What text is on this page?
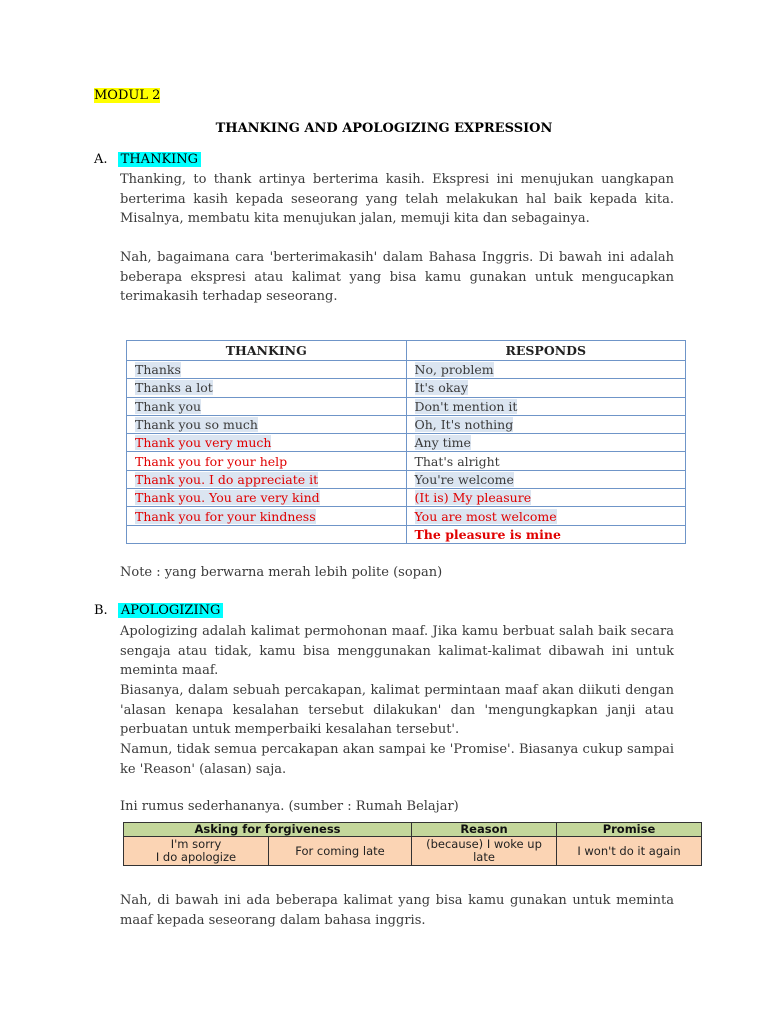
MODUL 2
THANKING AND APOLOGIZING EXPRESSION
A. THANKING

Thanking, to thank artinya berterima kasih. Ekspresi ini menujukan uangkapan berterima kasih kepada seseorang yang telah melakukan hal baik kepada kita. Misalnya, membatu kita menujukan jalan, memuji kita dan sebagainya.

Nah, bagaimana cara 'berterimakasih' dalam Bahasa Inggris. Di bawah ini adalah beberapa ekspresi atau kalimat yang bisa kamu gunakan untuk mengucapkan terimakasih terhadap seseorang.

THANKING	RESPONDS
Thanks	No, problem
Thanks a lot	It's okay
Thank you	Don't mention it
Thank you so much	Oh, It's nothing
Thank you very much	Any time
Thank you for your help	That's alright
Thank you. I do appreciate it	You're welcome
Thank you. You are very kind	(It is) My pleasure
Thank you for your kindness	You are most welcome
	The pleasure is mine
Note : yang berwarna merah lebih polite (sopan)
B. APOLOGIZING

Apologizing adalah kalimat permohonan maaf. Jika kamu berbuat salah baik secara sengaja atau tidak, kamu bisa menggunakan kalimat-kalimat dibawah ini untuk meminta maaf.

Biasanya, dalam sebuah percakapan, kalimat permintaan maaf akan diikuti dengan 'alasan kenapa kesalahan tersebut dilakukan' dan 'mengungkapkan janji atau perbuatan untuk memperbaiki kesalahan tersebut'.

Namun, tidak semua percakapan akan sampai ke 'Promise'. Biasanya cukup sampai ke 'Reason' (alasan) saja.

Ini rumus sederhananya. (sumber : Rumah Belajar)
Asking for forgiveness		Reason	Promise

I'm sorry
I do apologize	For coming late	(because) I woke up late	I won't do it again

Nah, di bawah ini ada beberapa kalimat yang bisa kamu gunakan untuk meminta maaf kepada seseorang dalam bahasa inggris.
